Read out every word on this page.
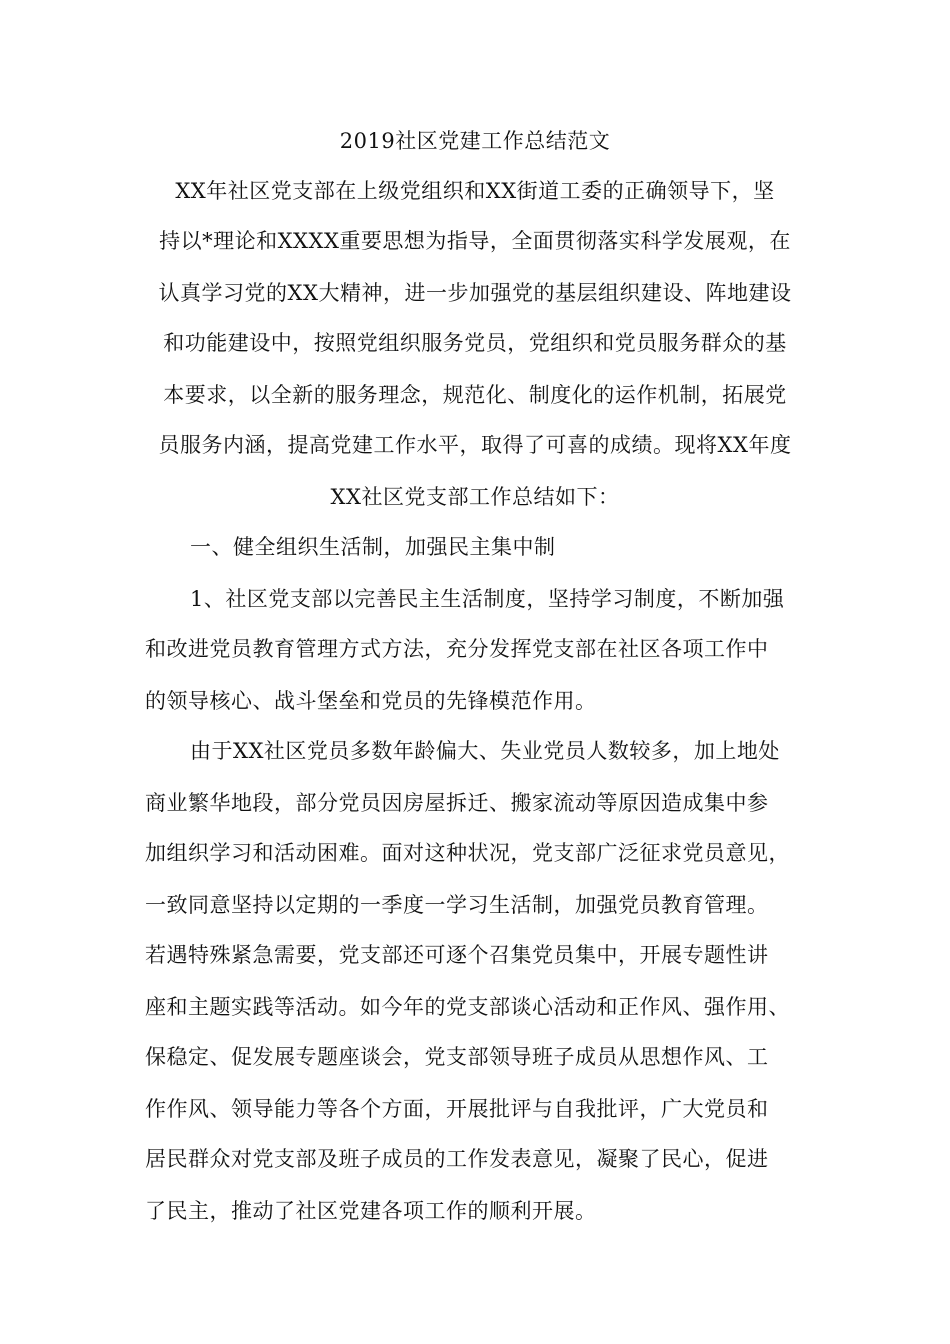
2019社区党建工作总结范文
XX年社区党支部在上级党组织和XX街道工委的正确领导下，坚
持以*理论和XXXX重要思想为指导，全面贯彻落实科学发展观，在
认真学习党的XX大精神，进一步加强党的基层组织建设、阵地建设
和功能建设中，按照党组织服务党员，党组织和党员服务群众的基
本要求，以全新的服务理念，规范化、制度化的运作机制，拓展党
员服务内涵，提高党建工作水平，取得了可喜的成绩。现将XX年度
XX社区党支部工作总结如下：
一、健全组织生活制，加强民主集中制
1、社区党支部以完善民主生活制度，坚持学习制度，不断加强
和改进党员教育管理方式方法，充分发挥党支部在社区各项工作中
的领导核心、战斗堡垒和党员的先锋模范作用。
由于XX社区党员多数年龄偏大、失业党员人数较多，加上地处
商业繁华地段，部分党员因房屋拆迁、搬家流动等原因造成集中参
加组织学习和活动困难。面对这种状况，党支部广泛征求党员意见，
一致同意坚持以定期的一季度一学习生活制，加强党员教育管理。
若遇特殊紧急需要，党支部还可逐个召集党员集中，开展专题性讲
座和主题实践等活动。如今年的党支部谈心活动和正作风、强作用、
保稳定、促发展专题座谈会，党支部领导班子成员从思想作风、工
作作风、领导能力等各个方面，开展批评与自我批评，广大党员和
居民群众对党支部及班子成员的工作发表意见，凝聚了民心，促进
了民主，推动了社区党建各项工作的顺利开展。
